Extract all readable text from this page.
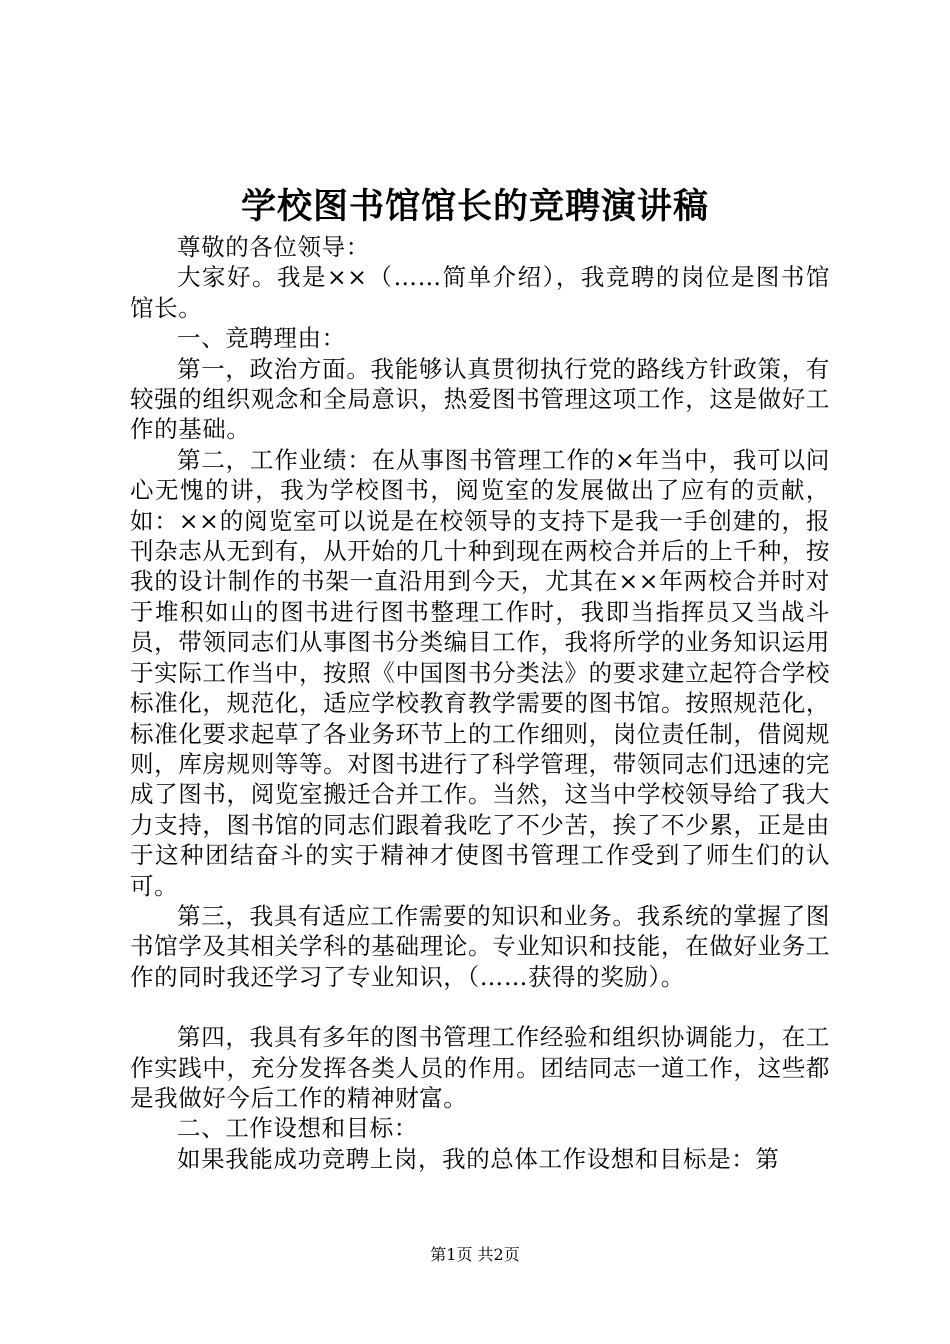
学校图书馆馆长的竞聘演讲稿

尊敬的各位领导：

大家好。我是××（……简单介绍），我竞聘的岗位是图书馆馆长。

一、竞聘理由：

第一，政治方面。我能够认真贯彻执行党的路线方针政策，有较强的组织观念和全局意识，热爱图书管理这项工作，这是做好工作的基础。

第二，工作业绩：在从事图书管理工作的×年当中，我可以问心无愧的讲，我为学校图书，阅览室的发展做出了应有的贡献，如：××的阅览室可以说是在校领导的支持下是我一手创建的，报刊杂志从无到有，从开始的几十种到现在两校合并后的上千种，按我的设计制作的书架一直沿用到今天，尤其在××年两校合并时对于堆积如山的图书进行图书整理工作时，我即当指挥员又当战斗员，带领同志们从事图书分类编目工作，我将所学的业务知识运用于实际工作当中，按照《中国图书分类法》的要求建立起符合学校标准化，规范化，适应学校教育教学需要的图书馆。按照规范化，标准化要求起草了各业务环节上的工作细则，岗位责任制，借阅规则，库房规则等等。对图书进行了科学管理，带领同志们迅速的完成了图书，阅览室搬迁合并工作。当然，这当中学校领导给了我大力支持，图书馆的同志们跟着我吃了不少苦，挨了不少累，正是由于这种团结奋斗的实于精神才使图书管理工作受到了师生们的认可。

第三，我具有适应工作需要的知识和业务。我系统的掌握了图书馆学及其相关学科的基础理论。专业知识和技能，在做好业务工作的同时我还学习了专业知识，（……获得的奖励）。

第四，我具有多年的图书管理工作经验和组织协调能力，在工作实践中，充分发挥各类人员的作用。团结同志一道工作，这些都是我做好今后工作的精神财富。

二、工作设想和目标：

如果我能成功竞聘上岗，我的总体工作设想和目标是：第

第1页 共2页
